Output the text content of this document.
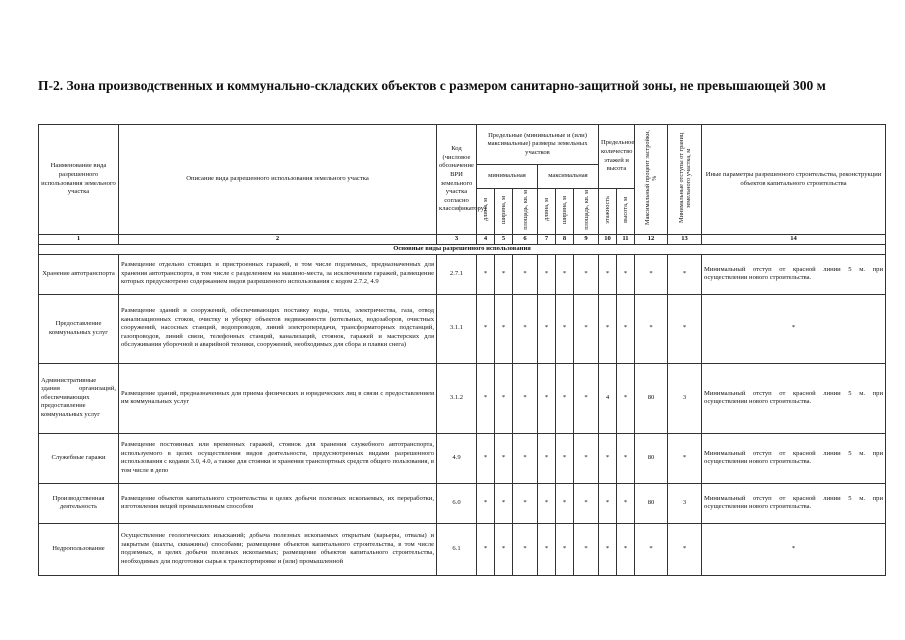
П-2. Зона производственных и коммунально-складских объектов с размером санитарно-защитной зоны, не превышающей 300 м

Наименование вида разрешенного использования земельного участка	Описание вида разрешенного использования земельного участка	Код (числовое обозначение ВРИ земельного участка согласно классификатору)	Предельные (минимальные и (или) максимальные) размеры земельных участков						Предельное количество этажей и высота		Максимальный процент застройки, %	Минимальные отступы от границ земельного участка, м	Иные параметры разрешенного строительства, реконструкции объектов капитального строительства
			минимальная			максимальная							
			длина, м	ширина, м	площадь, кв. м	длина, м	ширина, м	площадь, кв. м	этажность	высота, м			
1	2	3	4	5	6	7	8	9	10	11	12	13	14
Основные виды разрешенного использования													
Хранение автотранспорта	Размещение отдельно стоящих и пристроенных гаражей, в том числе подземных, предназначенных для хранения автотранспорта, в том числе с разделением на машино-места, за исключением гаражей, размещение которых предусмотрено содержанием видов разрешенного использования с кодом 2.7.2, 4.9	2.7.1	*	*	*	*	*	*	*	*	*	*	Минимальный отступ от красной линии 5 м. при осуществлении нового строительства.
Предоставление коммунальных услуг	Размещение зданий и сооружений, обеспечивающих поставку воды, тепла, электричества, газа, отвод канализационных стоков, очистку и уборку объектов недвижимости (котельных, водозаборов, очистных сооружений, насосных станций, водопроводов, линий электропередачи, трансформаторных подстанций, газопроводов, линий связи, телефонных станций, канализаций, стоянок, гаражей и мастерских для обслуживания уборочной и аварийной техники, сооружений, необходимых для сбора и плавки снега)	3.1.1	*	*	*	*	*	*	*	*	*	*	*
Административные здания организаций, обеспечивающих предоставление коммунальных услуг	Размещение зданий, предназначенных для приема физических и юридических лиц в связи с предоставлением им коммунальных услуг	3.1.2	*	*	*	*	*	*	4	*	80	3	Минимальный отступ от красной линии 5 м. при осуществлении нового строительства.
Служебные гаражи	Размещение постоянных или временных гаражей, стоянок для хранения служебного автотранспорта, используемого в целях осуществления видов деятельности, предусмотренных видами разрешенного использования с кодами 3.0, 4.0, а также для стоянки и хранения транспортных средств общего пользования, в том числе в депо	4.9	*	*	*	*	*	*	*	*	80	*	Минимальный отступ от красной линии 5 м. при осуществлении нового строительства.
Производственная деятельность	Размещение объектов капитального строительства в целях добычи полезных ископаемых, их переработки, изготовления вещей промышленным способом	6.0	*	*	*	*	*	*	*	*	80	3	Минимальный отступ от красной линии 5 м. при осуществлении нового строительства.
Недропользование	Осуществление геологических изысканий; добыча полезных ископаемых открытым (карьеры, отвалы) и закрытым (шахты, скважины) способами; размещение объектов капитального строительства, в том числе подземных, в целях добычи полезных ископаемых; размещение объектов капитального строительства, необходимых для подготовки сырья к транспортировке и (или) промышленной	6.1	*	*	*	*	*	*	*	*	*	*	*
